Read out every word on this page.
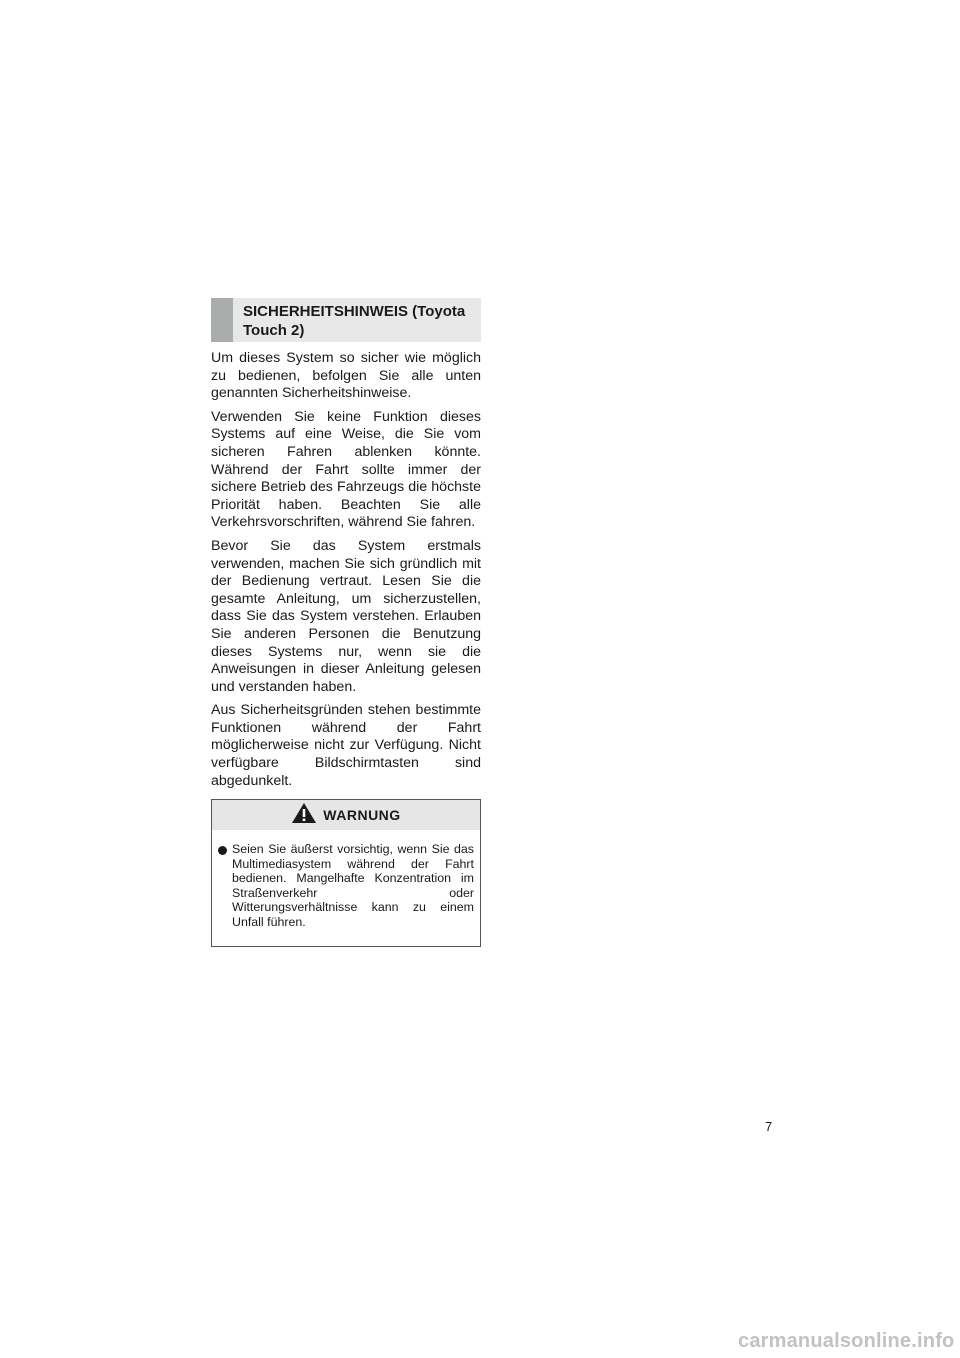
SICHERHEITSHINWEIS (Toyota Touch 2)

Um dieses System so sicher wie möglich zu bedienen, befolgen Sie alle unten genannten Sicherheitshinweise.

Verwenden Sie keine Funktion dieses Systems auf eine Weise, die Sie vom sicheren Fahren ablenken könnte. Während der Fahrt sollte immer der sichere Betrieb des Fahrzeugs die höchste Priorität haben. Beachten Sie alle Verkehrsvorschriften, während Sie fahren.

Bevor Sie das System erstmals verwenden, machen Sie sich gründlich mit der Bedienung vertraut. Lesen Sie die gesamte Anleitung, um sicherzustellen, dass Sie das System verstehen. Erlauben Sie anderen Personen die Benutzung dieses Systems nur, wenn sie die Anweisungen in dieser Anleitung gelesen und verstanden haben.

Aus Sicherheitsgründen stehen bestimmte Funktionen während der Fahrt möglicherweise nicht zur Verfügung. Nicht verfügbare Bildschirmtasten sind abgedunkelt.

WARNUNG
Seien Sie äußerst vorsichtig, wenn Sie das Multimediasystem während der Fahrt bedienen. Mangelhafte Konzentration im Straßenverkehr oder Witterungsverhältnisse kann zu einem Unfall führen.
7
carmanualsonline.info
